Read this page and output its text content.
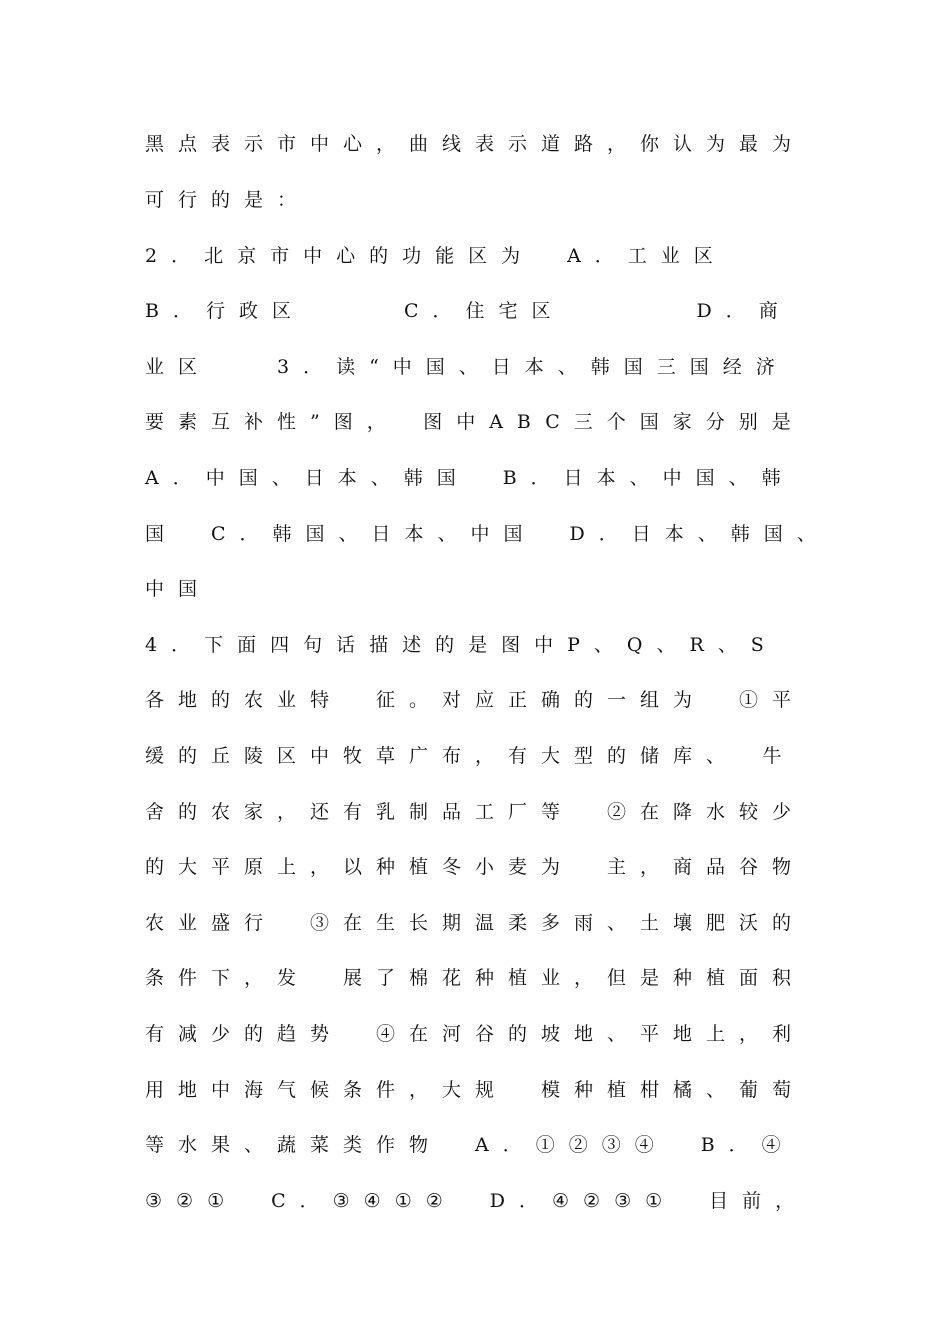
黑点表示市中心，曲线表示道路，你认为最为
可行的是：
2．北京市中心的功能区为　A．工业区
B．行政区　　　C．住宅区　　　　D．商
业区　　3．读“中国、日本、韩国三国经济
要素互补性”图，　图中ABC三个国家分别是
A．中国、日本、韩国　B．日本、中国、韩
国　C．韩国、日本、中国　D．日本、韩国、
中国
4．下面四句话描述的是图中P、Q、R、S
各地的农业特　征。对应正确的一组为　①平
缓的丘陵区中牧草广布，有大型的储库、　牛
舍的农家，还有乳制品工厂等　②在降水较少
的大平原上，以种植冬小麦为　主，商品谷物
农业盛行　③在生长期温柔多雨、土壤肥沃的
条件下，发　展了棉花种植业，但是种植面积
有减少的趋势　④在河谷的坡地、平地上，利
用地中海气候条件，大规　模种植柑橘、葡萄
等水果、蔬菜类作物　A．①②③④　B．④
③②①　C．③④①②　D．④②③①　目前，
